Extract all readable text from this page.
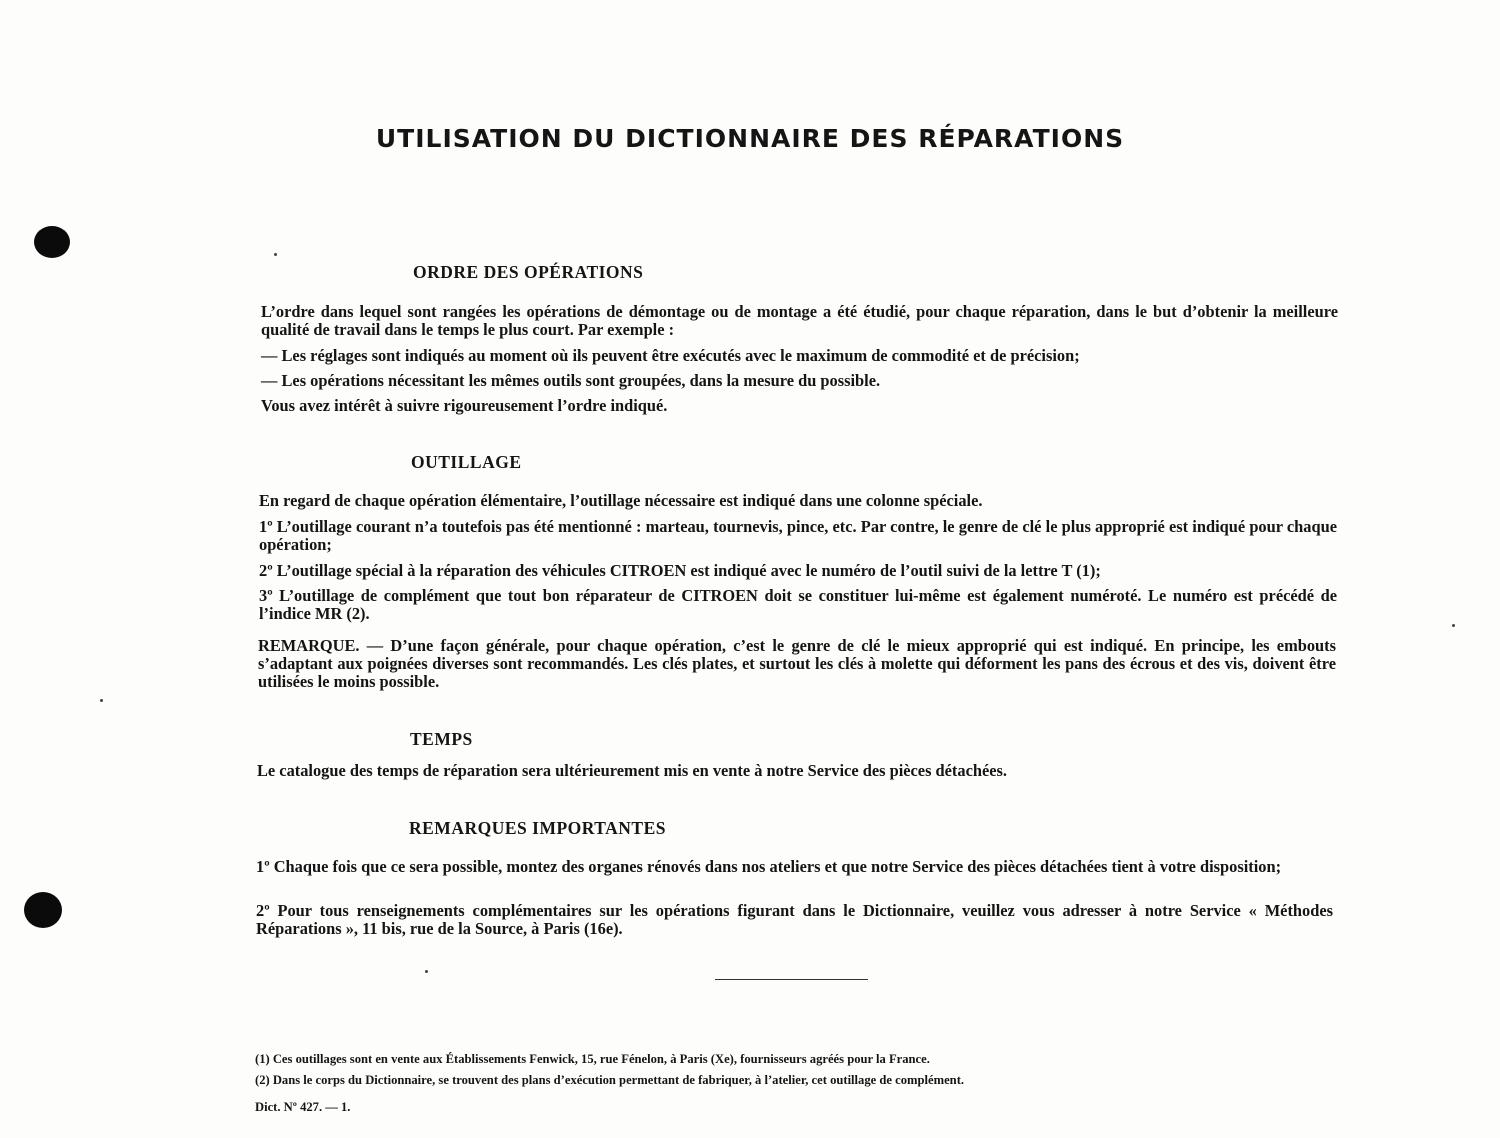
UTILISATION DU DICTIONNAIRE DES RÉPARATIONS
ORDRE DES OPÉRATIONS

L’ordre dans lequel sont rangées les opérations de démontage ou de montage a été étudié, pour chaque réparation, dans le but d’obtenir la meilleure qualité de travail dans le temps le plus court. Par exemple :

— Les réglages sont indiqués au moment où ils peuvent être exécutés avec le maximum de commodité et de précision;

— Les opérations nécessitant les mêmes outils sont groupées, dans la mesure du possible.

Vous avez intérêt à suivre rigoureusement l’ordre indiqué.

OUTILLAGE

En regard de chaque opération élémentaire, l’outillage nécessaire est indiqué dans une colonne spéciale.

1º L’outillage courant n’a toutefois pas été mentionné : marteau, tournevis, pince, etc. Par contre, le genre de clé le plus approprié est indiqué pour chaque opération;

2º L’outillage spécial à la réparation des véhicules CITROEN est indiqué avec le numéro de l’outil suivi de la lettre T (1);

3º L’outillage de complément que tout bon réparateur de CITROEN doit se constituer lui-même est également numéroté. Le numéro est précédé de l’indice MR (2).

REMARQUE. — D’une façon générale, pour chaque opération, c’est le genre de clé le mieux approprié qui est indiqué. En principe, les embouts s’adaptant aux poignées diverses sont recommandés. Les clés plates, et surtout les clés à molette qui déforment les pans des écrous et des vis, doivent être utilisées le moins possible.

TEMPS

Le catalogue des temps de réparation sera ultérieurement mis en vente à notre Service des pièces détachées.

REMARQUES IMPORTANTES

1º Chaque fois que ce sera possible, montez des organes rénovés dans nos ateliers et que notre Service des pièces détachées tient à votre disposition;

2º Pour tous renseignements complémentaires sur les opérations figurant dans le Dictionnaire, veuillez vous adresser à notre Service « Méthodes Réparations », 11 bis, rue de la Source, à Paris (16e).

(1) Ces outillages sont en vente aux Établissements Fenwick, 15, rue Fénelon, à Paris (Xe), fournisseurs agréés pour la France.

(2) Dans le corps du Dictionnaire, se trouvent des plans d’exécution permettant de fabriquer, à l’atelier, cet outillage de complément.

Dict. Nº 427. — 1.
